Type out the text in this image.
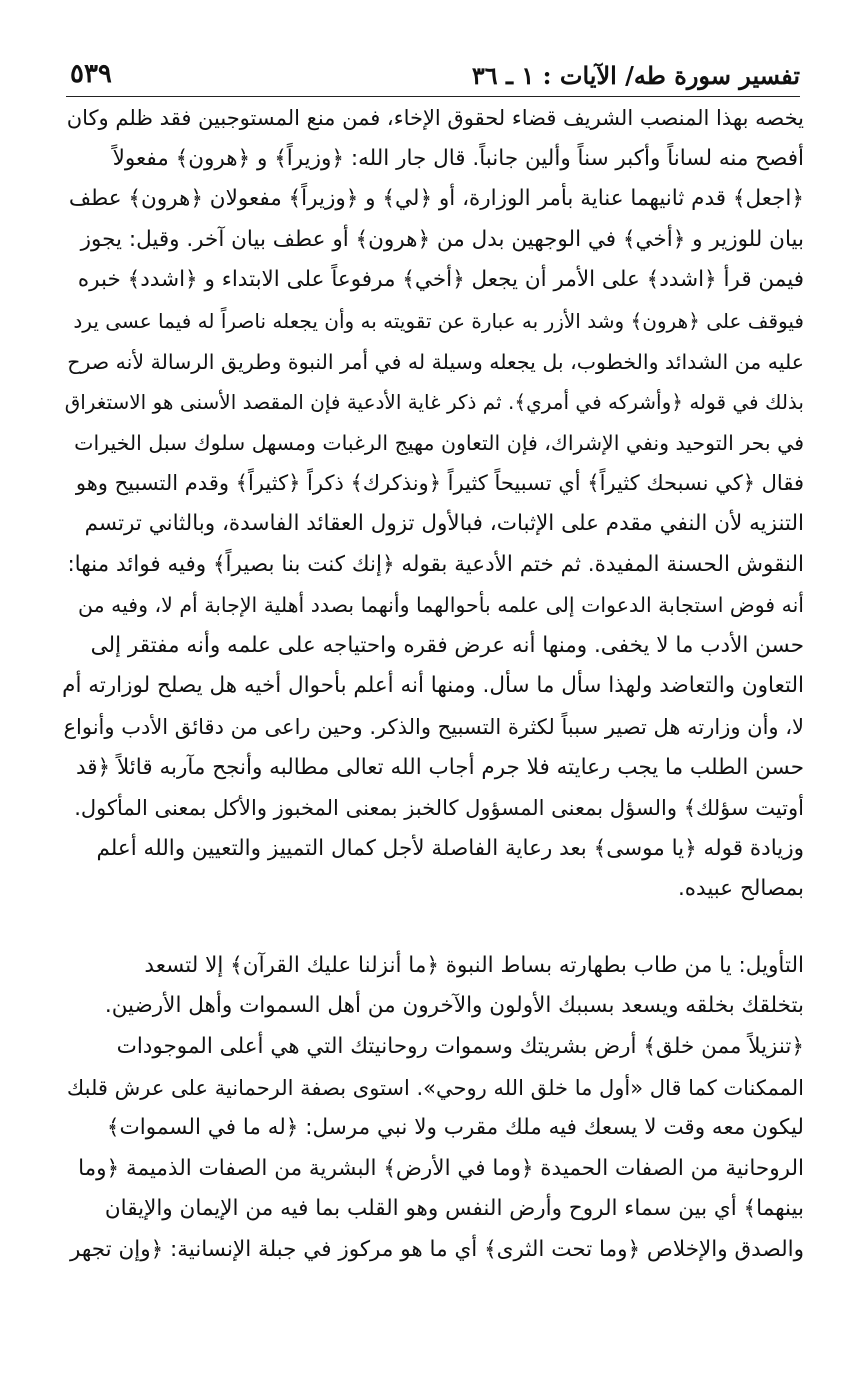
٥٣٩	تفسير سورة طه/ الآيات : ١ ـ ٣٦
يخصه بهذا المنصب الشريف قضاء لحقوق الإخاء، فمن منع المستوجبين فقد ظلم وكان
أفصح منه لساناً وأكبر سناً وألين جانباً. قال جار الله: ﴿وزيراً﴾ و ﴿هرون﴾ مفعولاً
﴿اجعل﴾ قدم ثانيهما عناية بأمر الوزارة، أو ﴿لي﴾ و ﴿وزيراً﴾ مفعولان ﴿هرون﴾ عطف
بيان للوزير و ﴿أخي﴾ في الوجهين بدل من ﴿هرون﴾ أو عطف بيان آخر. وقيل: يجوز
فيمن قرأ ﴿اشدد﴾ على الأمر أن يجعل ﴿أخي﴾ مرفوعاً على الابتداء و ﴿اشدد﴾ خبره
فيوقف على ﴿هرون﴾ وشد الأزر به عبارة عن تقويته به وأن يجعله ناصراً له فيما عسى يرد
عليه من الشدائد والخطوب، بل يجعله وسيلة له في أمر النبوة وطريق الرسالة لأنه صرح
بذلك في قوله ﴿وأشركه في أمري﴾. ثم ذكر غاية الأدعية فإن المقصد الأسنى هو الاستغراق
في بحر التوحيد ونفي الإشراك، فإن التعاون مهيج الرغبات ومسهل سلوك سبل الخيرات
فقال ﴿كي نسبحك كثيراً﴾ أي تسبيحاً كثيراً ﴿ونذكرك﴾ ذكراً ﴿كثيراً﴾ وقدم التسبيح وهو
التنزيه لأن النفي مقدم على الإثبات، فبالأول تزول العقائد الفاسدة، وبالثاني ترتسم
النقوش الحسنة المفيدة. ثم ختم الأدعية بقوله ﴿إنك كنت بنا بصيراً﴾ وفيه فوائد منها:
أنه فوض استجابة الدعوات إلى علمه بأحوالهما وأنهما بصدد أهلية الإجابة أم لا، وفيه من
حسن الأدب ما لا يخفى. ومنها أنه عرض فقره واحتياجه على علمه وأنه مفتقر إلى
التعاون والتعاضد ولهذا سأل ما سأل. ومنها أنه أعلم بأحوال أخيه هل يصلح لوزارته أم
لا، وأن وزارته هل تصير سبباً لكثرة التسبيح والذكر. وحين راعى من دقائق الأدب وأنواع
حسن الطلب ما يجب رعايته فلا جرم أجاب الله تعالى مطالبه وأنجح مآربه قائلاً ﴿قد
أوتيت سؤلك﴾ والسؤل بمعنى المسؤول كالخبز بمعنى المخبوز والأكل بمعنى المأكول.
وزيادة قوله ﴿يا موسى﴾ بعد رعاية الفاصلة لأجل كمال التمييز والتعيين والله أعلم
بمصالح عبيده.
التأويل: يا من طاب بطهارته بساط النبوة ﴿ما أنزلنا عليك القرآن﴾ إلا لتسعد
بتخلقك بخلقه ويسعد بسببك الأولون والآخرون من أهل السموات وأهل الأرضين.
﴿تنزيلاً ممن خلق﴾ أرض بشريتك وسموات روحانيتك التي هي أعلى الموجودات
الممكنات كما قال «أول ما خلق الله روحي». استوى بصفة الرحمانية على عرش قلبك
ليكون معه وقت لا يسعك فيه ملك مقرب ولا نبي مرسل: ﴿له ما في السموات﴾
الروحانية من الصفات الحميدة ﴿وما في الأرض﴾ البشرية من الصفات الذميمة ﴿وما
بينهما﴾ أي بين سماء الروح وأرض النفس وهو القلب بما فيه من الإيمان والإيقان
والصدق والإخلاص ﴿وما تحت الثرى﴾ أي ما هو مركوز في جبلة الإنسانية: ﴿وإن تجهر
